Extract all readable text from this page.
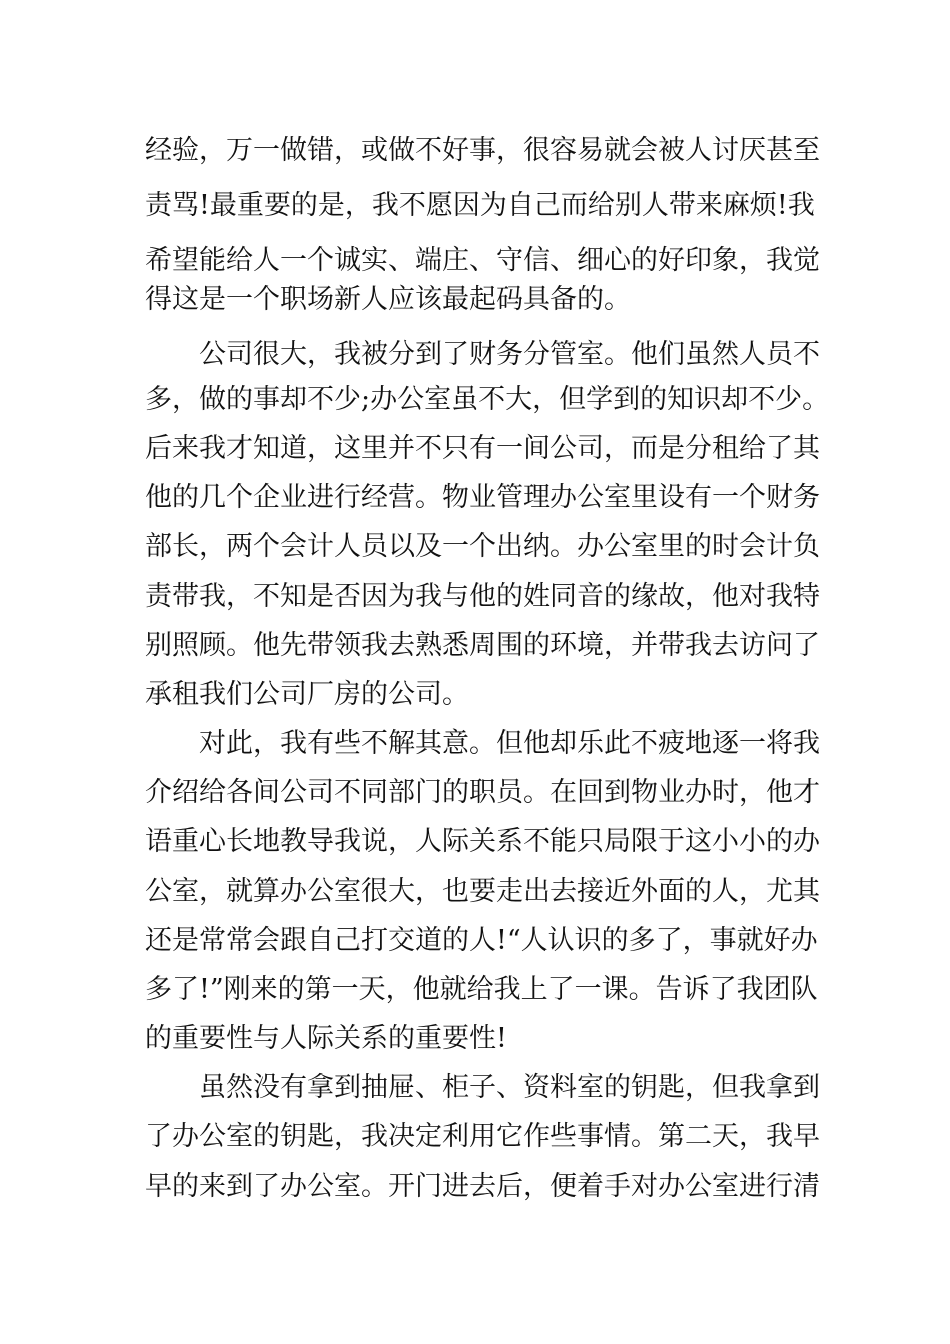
经验，万一做错，或做不好事，很容易就会被人讨厌甚至
责骂!最重要的是，我不愿因为自己而给别人带来麻烦!我
希望能给人一个诚实、端庄、守信、细心的好印象，我觉
得这是一个职场新人应该最起码具备的。
公司很大，我被分到了财务分管室。他们虽然人员不
多，做的事却不少;办公室虽不大，但学到的知识却不少。
后来我才知道，这里并不只有一间公司，而是分租给了其
他的几个企业进行经营。物业管理办公室里设有一个财务
部长，两个会计人员以及一个出纳。办公室里的时会计负
责带我，不知是否因为我与他的姓同音的缘故，他对我特
别照顾。他先带领我去熟悉周围的环境，并带我去访问了
承租我们公司厂房的公司。
对此，我有些不解其意。但他却乐此不疲地逐一将我
介绍给各间公司不同部门的职员。在回到物业办时，他才
语重心长地教导我说，人际关系不能只局限于这小小的办
公室，就算办公室很大，也要走出去接近外面的人，尤其
还是常常会跟自己打交道的人!“人认识的多了，事就好办
多了!”刚来的第一天，他就给我上了一课。告诉了我团队
的重要性与人际关系的重要性!
虽然没有拿到抽屉、柜子、资料室的钥匙，但我拿到
了办公室的钥匙，我决定利用它作些事情。第二天，我早
早的来到了办公室。开门进去后，便着手对办公室进行清
